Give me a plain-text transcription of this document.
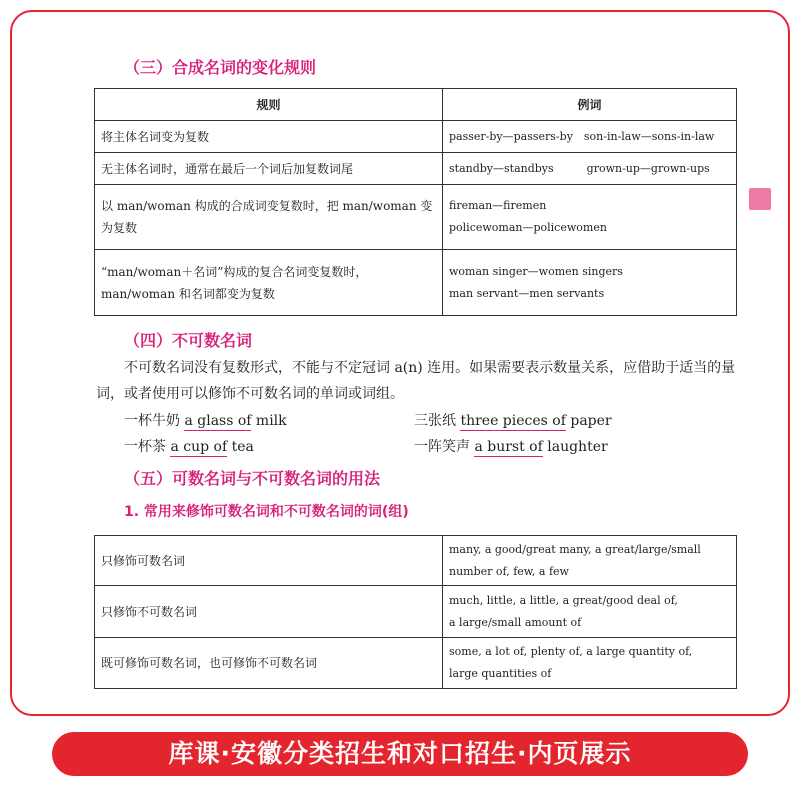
（三）合成名词的变化规则
规则	例词
将主体名词变为复数	passer-by—passers-by　son-in-law—sons-in-law

无主体名词时，通常在最后一个词后加复数词尾	standby—standbys　　　grown-up—grown-ups

以 man/woman 构成的合成词变复数时，把 man/woman 变为复数	fireman—firemen
policewoman—policewomen

“man/woman＋名词”构成的复合名词变复数时，man/woman 和名词都变为复数	woman singer—women singers
man servant—men servants
（四）不可数名词
不可数名词没有复数形式，不能与不定冠词 a(n) 连用。如果需要表示数量关系，应借助于适当的量词，或者使用可以修饰不可数名词的单词或词组。
一杯牛奶 a glass of milk	三张纸 three pieces of paper
一杯茶 a cup of tea	一阵笑声 a burst of laughter
（五）可数名词与不可数名词的用法
1. 常用来修饰可数名词和不可数名词的词(组)
只修饰可数名词	many, a good/great many, a great/large/small
number of, few, a few

只修饰不可数名词	much, little, a little, a great/good deal of,
a large/small amount of

既可修饰可数名词，也可修饰不可数名词	some, a lot of, plenty of, a large quantity of,
large quantities of
库课·安徽分类招生和对口招生·内页展示
